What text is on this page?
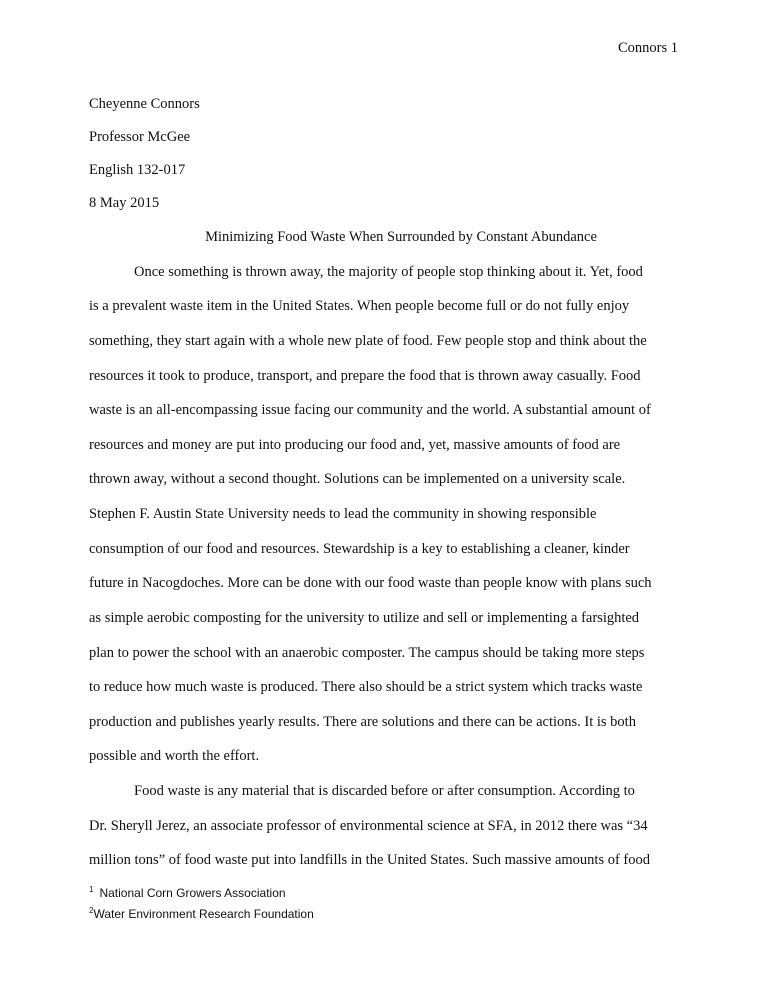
Connors 1
Cheyenne Connors
Professor McGee
English 132-017
8 May 2015
Minimizing Food Waste When Surrounded by Constant Abundance
Once something is thrown away, the majority of people stop thinking about it. Yet, food
is a prevalent waste item in the United States. When people become full or do not fully enjoy
something, they start again with a whole new plate of food. Few people stop and think about the
resources it took to produce, transport, and prepare the food that is thrown away casually. Food
waste is an all-encompassing issue facing our community and the world. A substantial amount of
resources and money are put into producing our food and, yet, massive amounts of food are
thrown away, without a second thought. Solutions can be implemented on a university scale.
Stephen F. Austin State University needs to lead the community in showing responsible
consumption of our food and resources. Stewardship is a key to establishing a cleaner, kinder
future in Nacogdoches. More can be done with our food waste than people know with plans such
as simple aerobic composting for the university to utilize and sell or implementing a farsighted
plan to power the school with an anaerobic composter. The campus should be taking more steps
to reduce how much waste is produced. There also should be a strict system which tracks waste
production and publishes yearly results. There are solutions and there can be actions. It is both
possible and worth the effort.
Food waste is any material that is discarded before or after consumption. According to
Dr. Sheryll Jerez, an associate professor of environmental science at SFA, in 2012 there was “34
million tons” of food waste put into landfills in the United States. Such massive amounts of food
$^1$ National Corn Growers Association
$^2$Water Environment Research Foundation
